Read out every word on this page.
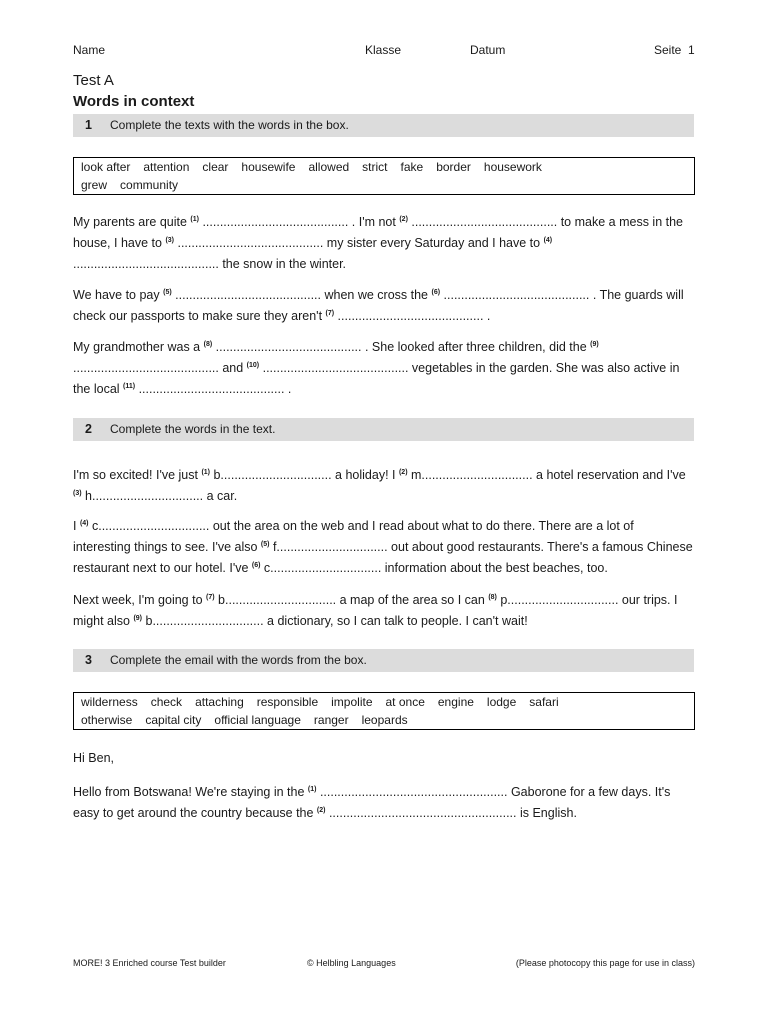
Name	Klasse	Datum	Seite  1
Test A
Words in context
1 Complete the texts with the words in the box.
look after attention clear housewife allowed strict fake border housework
grew community
My parents are quite $^{(1)}$ .......................................... . I'm not $^{(2)}$ .......................................... to make a mess in the house, I have to $^{(3)}$ .......................................... my sister every Saturday and I have to $^{(4)}$ .......................................... the snow in the winter.
We have to pay $^{(5)}$ .......................................... when we cross the $^{(6)}$ .......................................... . The guards will check our passports to make sure they aren't $^{(7)}$ .......................................... .
My grandmother was a $^{(8)}$ .......................................... . She looked after three children, did the $^{(9)}$ .......................................... and $^{(10)}$ .......................................... vegetables in the garden. She was also active in the local $^{(11)}$ .......................................... .
2 Complete the words in the text.
I'm so excited! I've just $^{(1)}$ b................................ a holiday! I $^{(2)}$ m................................ a hotel reservation and I've $^{(3)}$ h................................ a car.
I $^{(4)}$ c................................ out the area on the web and I read about what to do there. There are a lot of interesting things to see. I've also $^{(5)}$ f................................ out about good restaurants. There's a famous Chinese restaurant next to our hotel. I've $^{(6)}$ c................................ information about the best beaches, too.
Next week, I'm going to $^{(7)}$ b................................ a map of the area so I can $^{(8)}$ p................................ our trips. I might also $^{(9)}$ b................................ a dictionary, so I can talk to people. I can't wait!
3 Complete the email with the words from the box.
wilderness check attaching responsible impolite at once engine lodge safari
otherwise capital city official language ranger leopards
Hi Ben,
Hello from Botswana! We're staying in the $^{(1)}$ ...................................................... Gaborone for a few days. It's easy to get around the country because the $^{(2)}$ ...................................................... is English.
MORE! 3 Enriched course Test builder	© Helbling Languages	(Please photocopy this page for use in class)
